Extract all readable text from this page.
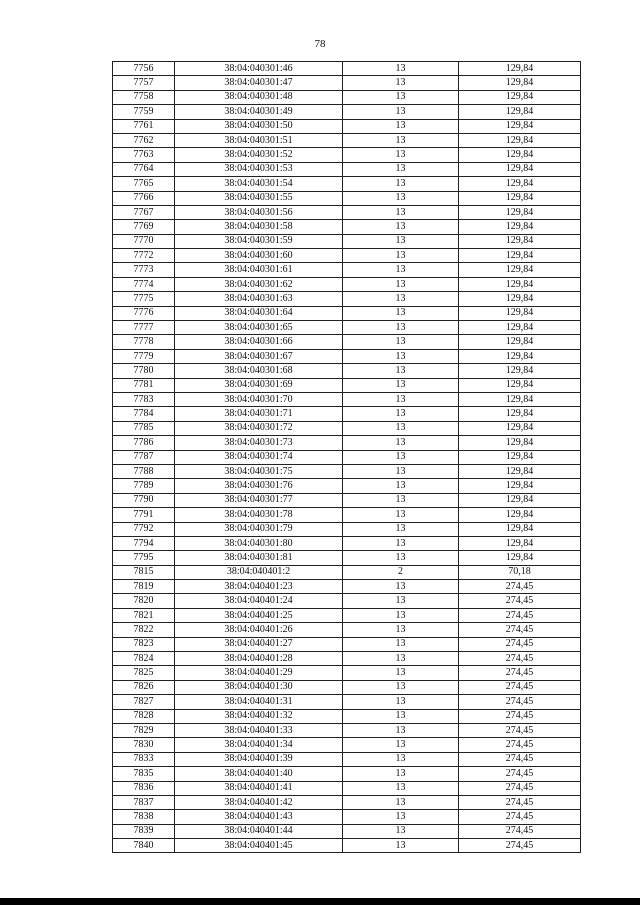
78
7756	38:04:040301:46	13	129,84
7757	38:04:040301:47	13	129,84
7758	38:04:040301:48	13	129,84
7759	38:04:040301:49	13	129,84
7761	38:04:040301:50	13	129,84
7762	38:04:040301:51	13	129,84
7763	38:04:040301:52	13	129,84
7764	38:04:040301:53	13	129,84
7765	38:04:040301:54	13	129,84
7766	38:04:040301:55	13	129,84
7767	38:04:040301:56	13	129,84
7769	38:04:040301:58	13	129,84
7770	38:04:040301:59	13	129,84
7772	38:04:040301:60	13	129,84
7773	38:04:040301:61	13	129,84
7774	38:04:040301:62	13	129,84
7775	38:04:040301:63	13	129,84
7776	38:04:040301:64	13	129,84
7777	38:04:040301:65	13	129,84
7778	38:04:040301:66	13	129,84
7779	38:04:040301:67	13	129,84
7780	38:04:040301:68	13	129,84
7781	38:04:040301:69	13	129,84
7783	38:04:040301:70	13	129,84
7784	38:04:040301:71	13	129,84
7785	38:04:040301:72	13	129,84
7786	38:04:040301:73	13	129,84
7787	38:04:040301:74	13	129,84
7788	38:04:040301:75	13	129,84
7789	38:04:040301:76	13	129,84
7790	38:04:040301:77	13	129,84
7791	38:04:040301:78	13	129,84
7792	38:04:040301:79	13	129,84
7794	38:04:040301:80	13	129,84
7795	38:04:040301:81	13	129,84
7815	38:04:040401:2	2	70,18
7819	38:04:040401:23	13	274,45
7820	38:04:040401:24	13	274,45
7821	38:04:040401:25	13	274,45
7822	38:04:040401:26	13	274,45
7823	38:04:040401:27	13	274,45
7824	38:04:040401:28	13	274,45
7825	38:04:040401:29	13	274,45
7826	38:04:040401:30	13	274,45
7827	38:04:040401:31	13	274,45
7828	38:04:040401:32	13	274,45
7829	38:04:040401:33	13	274,45
7830	38:04:040401:34	13	274,45
7833	38:04:040401:39	13	274,45
7835	38:04:040401:40	13	274,45
7836	38:04:040401:41	13	274,45
7837	38:04:040401:42	13	274,45
7838	38:04:040401:43	13	274,45
7839	38:04:040401:44	13	274,45
7840	38:04:040401:45	13	274,45
